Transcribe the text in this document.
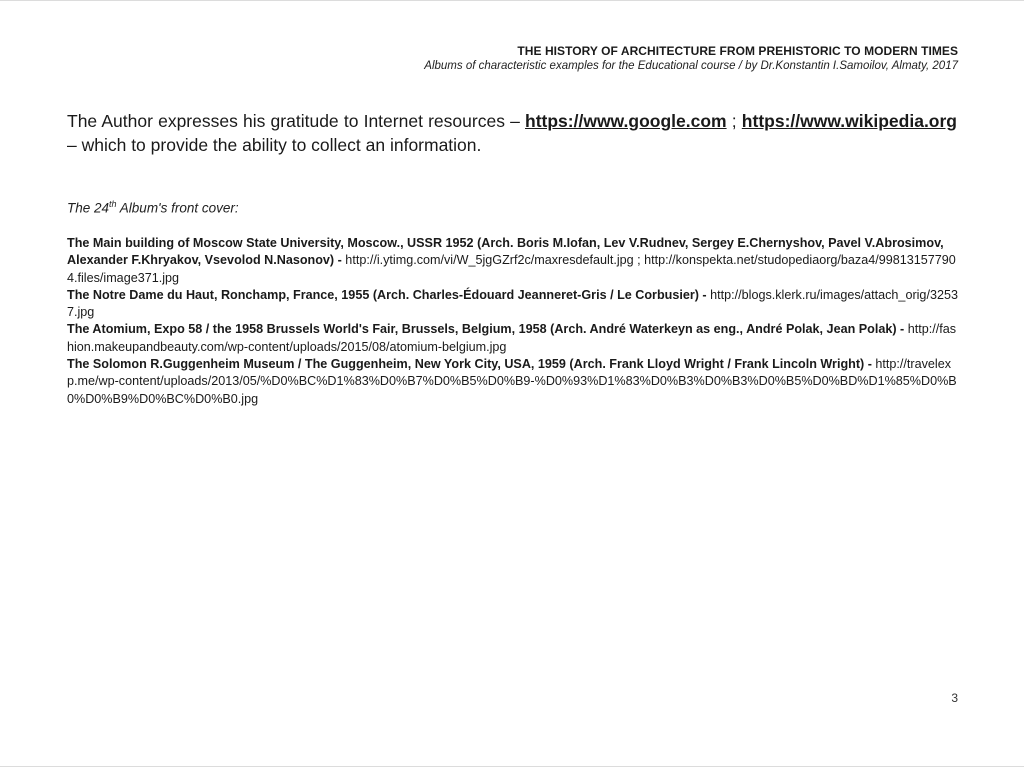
THE HISTORY OF ARCHITECTURE FROM PREHISTORIC TO MODERN TIMES
Albums of characteristic examples for the Educational course / by Dr.Konstantin I.Samoilov, Almaty, 2017
The Author expresses his gratitude to Internet resources – https://www.google.com ; https://www.wikipedia.org – which to provide the ability to collect an information.
The 24th Album's front cover:

The Main building of Moscow State University, Moscow., USSR 1952 (Arch. Boris M.Iofan, Lev V.Rudnev, Sergey E.Chernyshov, Pavel V.Abrosimov, Alexander F.Khryakov, Vsevolod N.Nasonov) - http://i.ytimg.com/vi/W_5jgGZrf2c/maxresdefault.jpg ; http://konspekta.net/studopediaorg/baza4/998131577904.files/image371.jpg

The Notre Dame du Haut, Ronchamp, France, 1955 (Arch. Charles-Édouard Jeanneret-Gris / Le Corbusier) - http://blogs.klerk.ru/images/attach_orig/32537.jpg

The Atomium, Expo 58 / the 1958 Brussels World's Fair, Brussels, Belgium, 1958 (Arch. André Waterkeyn as eng., André Polak, Jean Polak) - http://fashion.makeupandbeauty.com/wp-content/uploads/2015/08/atomium-belgium.jpg

The Solomon R.Guggenheim Museum / The Guggenheim, New York City, USA, 1959 (Arch. Frank Lloyd Wright / Frank Lincoln Wright) - http://travelexp.me/wp-content/uploads/2013/05/%D0%BC%D1%83%D0%B7%D0%B5%D0%B9-%D0%93%D1%83%D0%B3%D0%B3%D0%B5%D0%BD%D1%85%D0%B0%D0%B9%D0%BC%D0%B0.jpg

3
